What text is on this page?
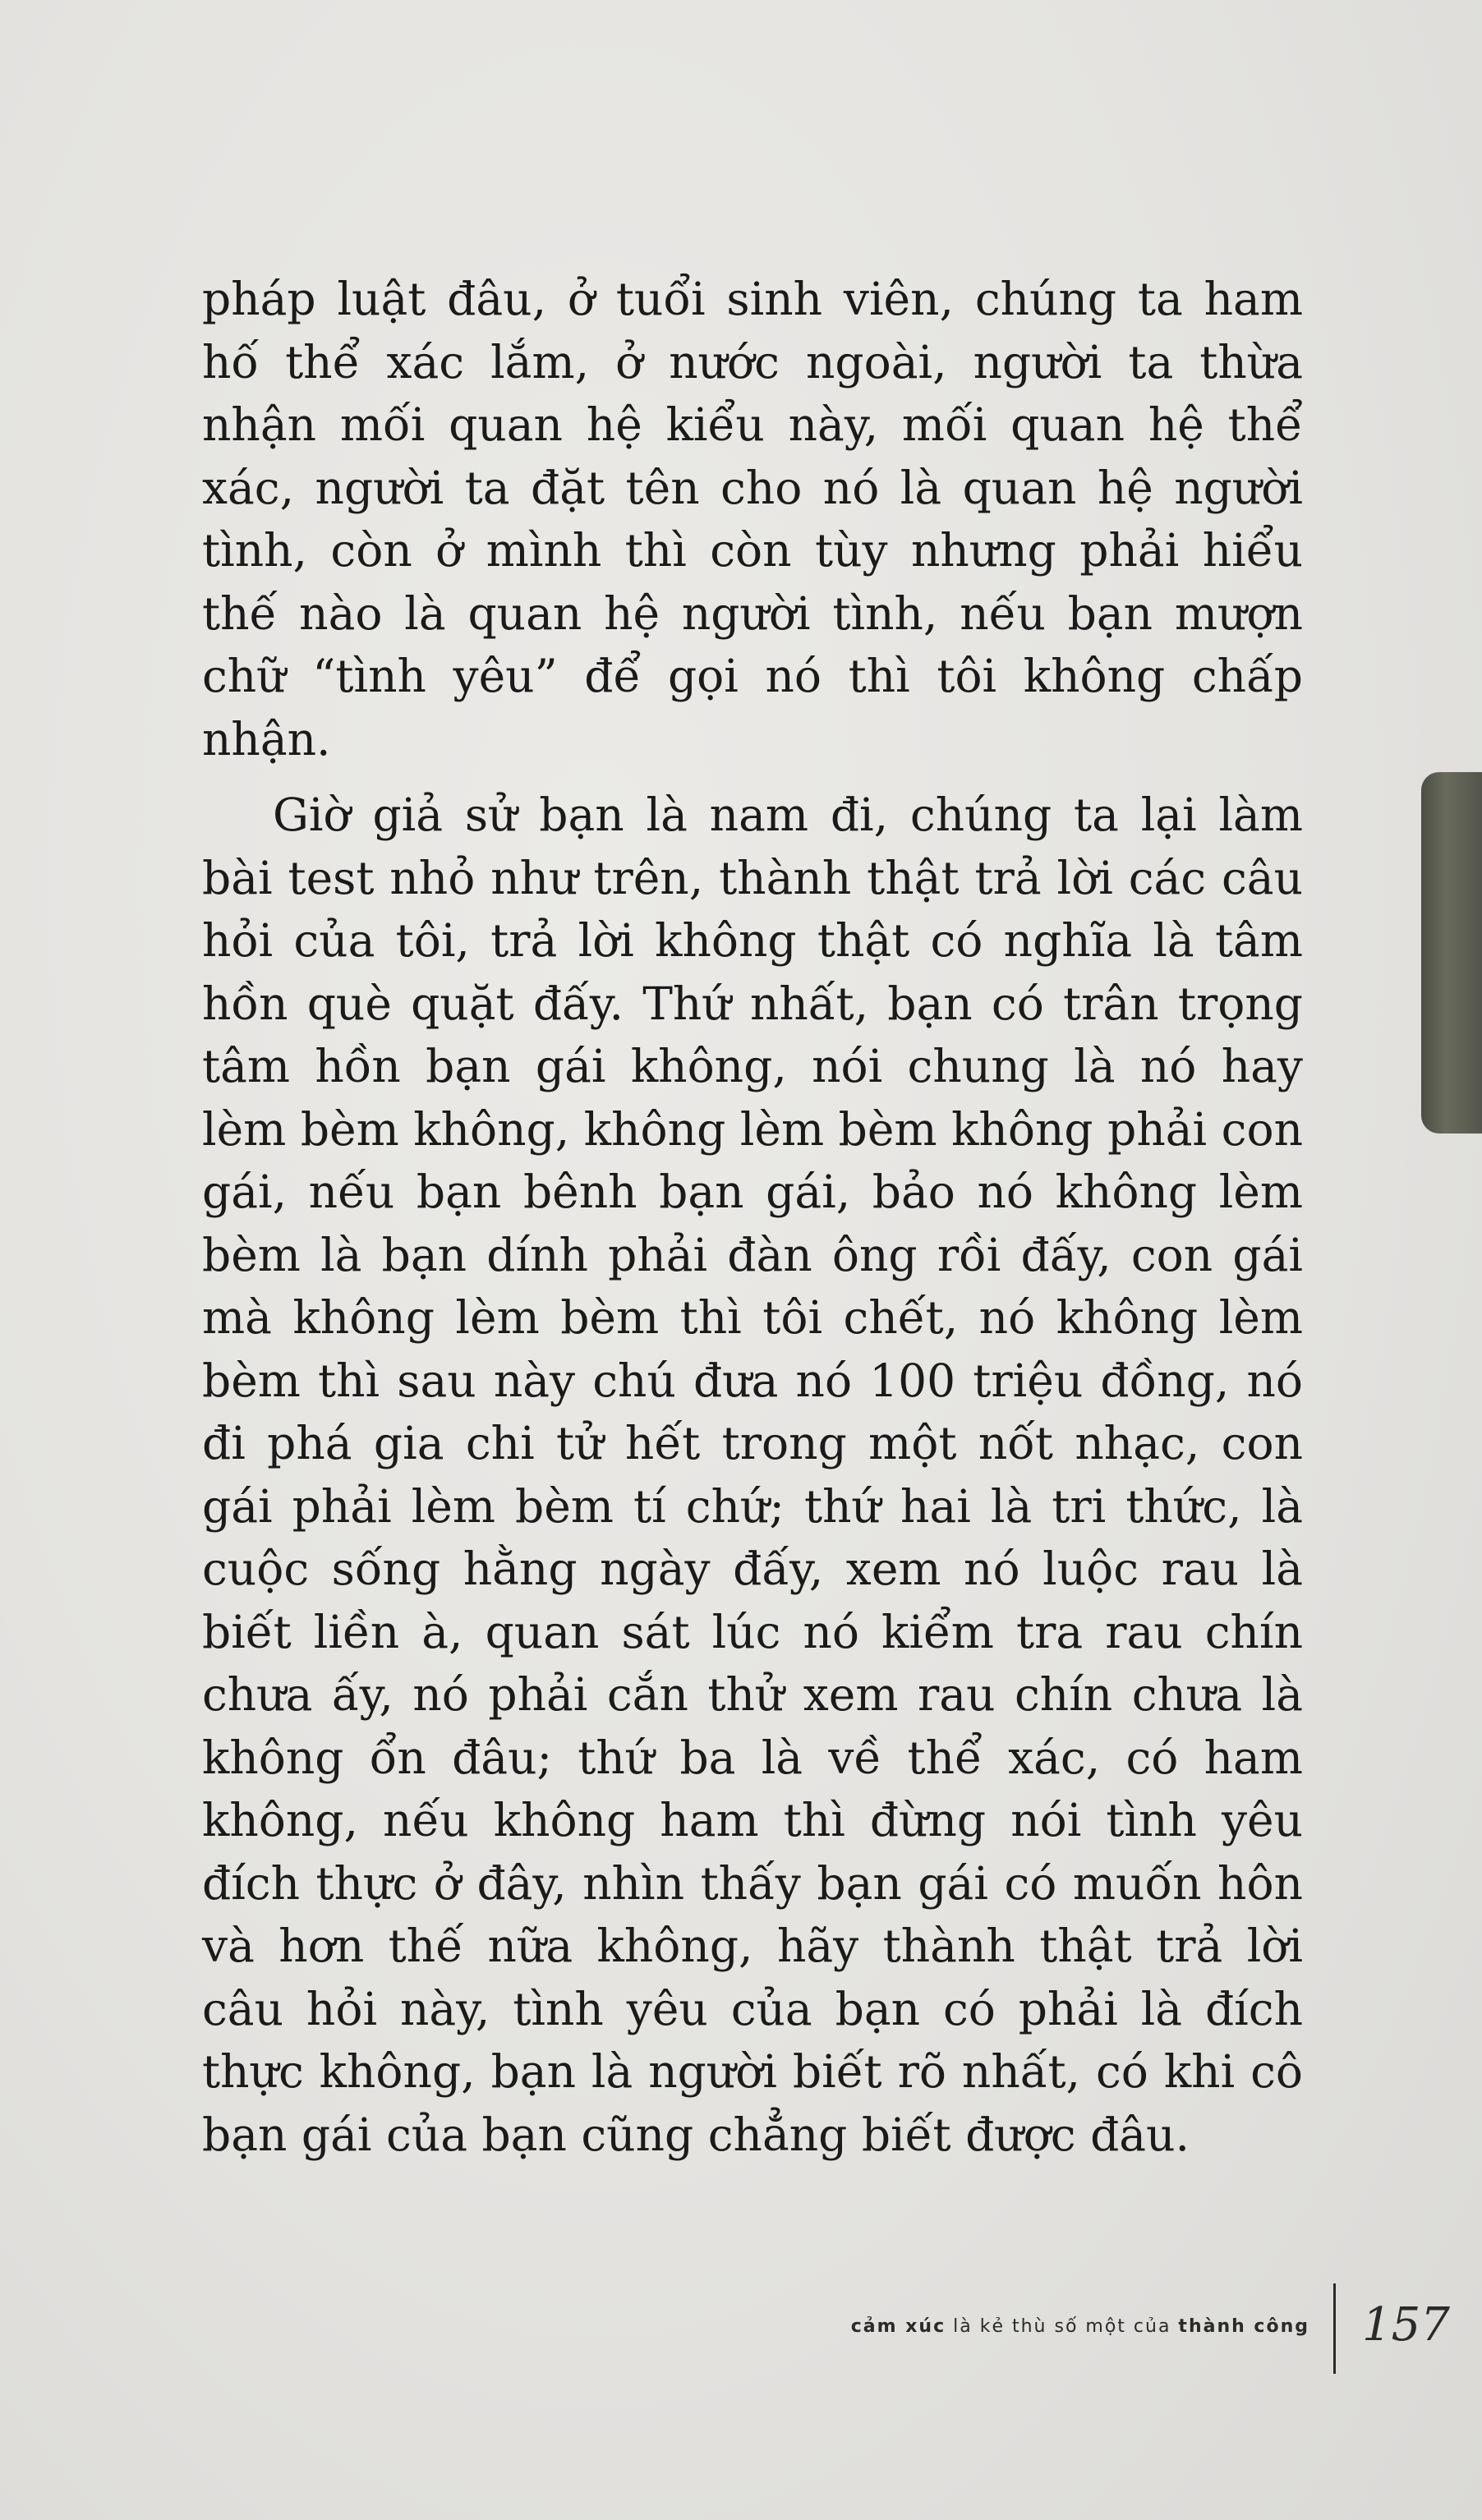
pháp luật đâu, ở tuổi sinh viên, chúng ta ham hố thể xác lắm, ở nước ngoài, người ta thừa nhận mối quan hệ kiểu này, mối quan hệ thể xác, người ta đặt tên cho nó là quan hệ người tình, còn ở mình thì còn tùy nhưng phải hiểu thế nào là quan hệ người tình, nếu bạn mượn chữ “tình yêu” để gọi nó thì tôi không chấp nhận.

Giờ giả sử bạn là nam đi, chúng ta lại làm bài test nhỏ như trên, thành thật trả lời các câu hỏi của tôi, trả lời không thật có nghĩa là tâm hồn què quặt đấy. Thứ nhất, bạn có trân trọng tâm hồn bạn gái không, nói chung là nó hay lèm bèm không, không lèm bèm không phải con gái, nếu bạn bênh bạn gái, bảo nó không lèm bèm là bạn dính phải đàn ông rồi đấy, con gái mà không lèm bèm thì tôi chết, nó không lèm bèm thì sau này chú đưa nó 100 triệu đồng, nó đi phá gia chi tử hết trong một nốt nhạc, con gái phải lèm bèm tí chứ; thứ hai là tri thức, là cuộc sống hằng ngày đấy, xem nó luộc rau là biết liền à, quan sát lúc nó kiểm tra rau chín chưa ấy, nó phải cắn thử xem rau chín chưa là không ổn đâu; thứ ba là về thể xác, có ham không, nếu không ham thì đừng nói tình yêu đích thực ở đây, nhìn thấy bạn gái có muốn hôn và hơn thế nữa không, hãy thành thật trả lời câu hỏi này, tình yêu của bạn có phải là đích thực không, bạn là người biết rõ nhất, có khi cô bạn gái của bạn cũng chẳng biết được đâu.

cảm xúc là kẻ thù số một của thành công 157
